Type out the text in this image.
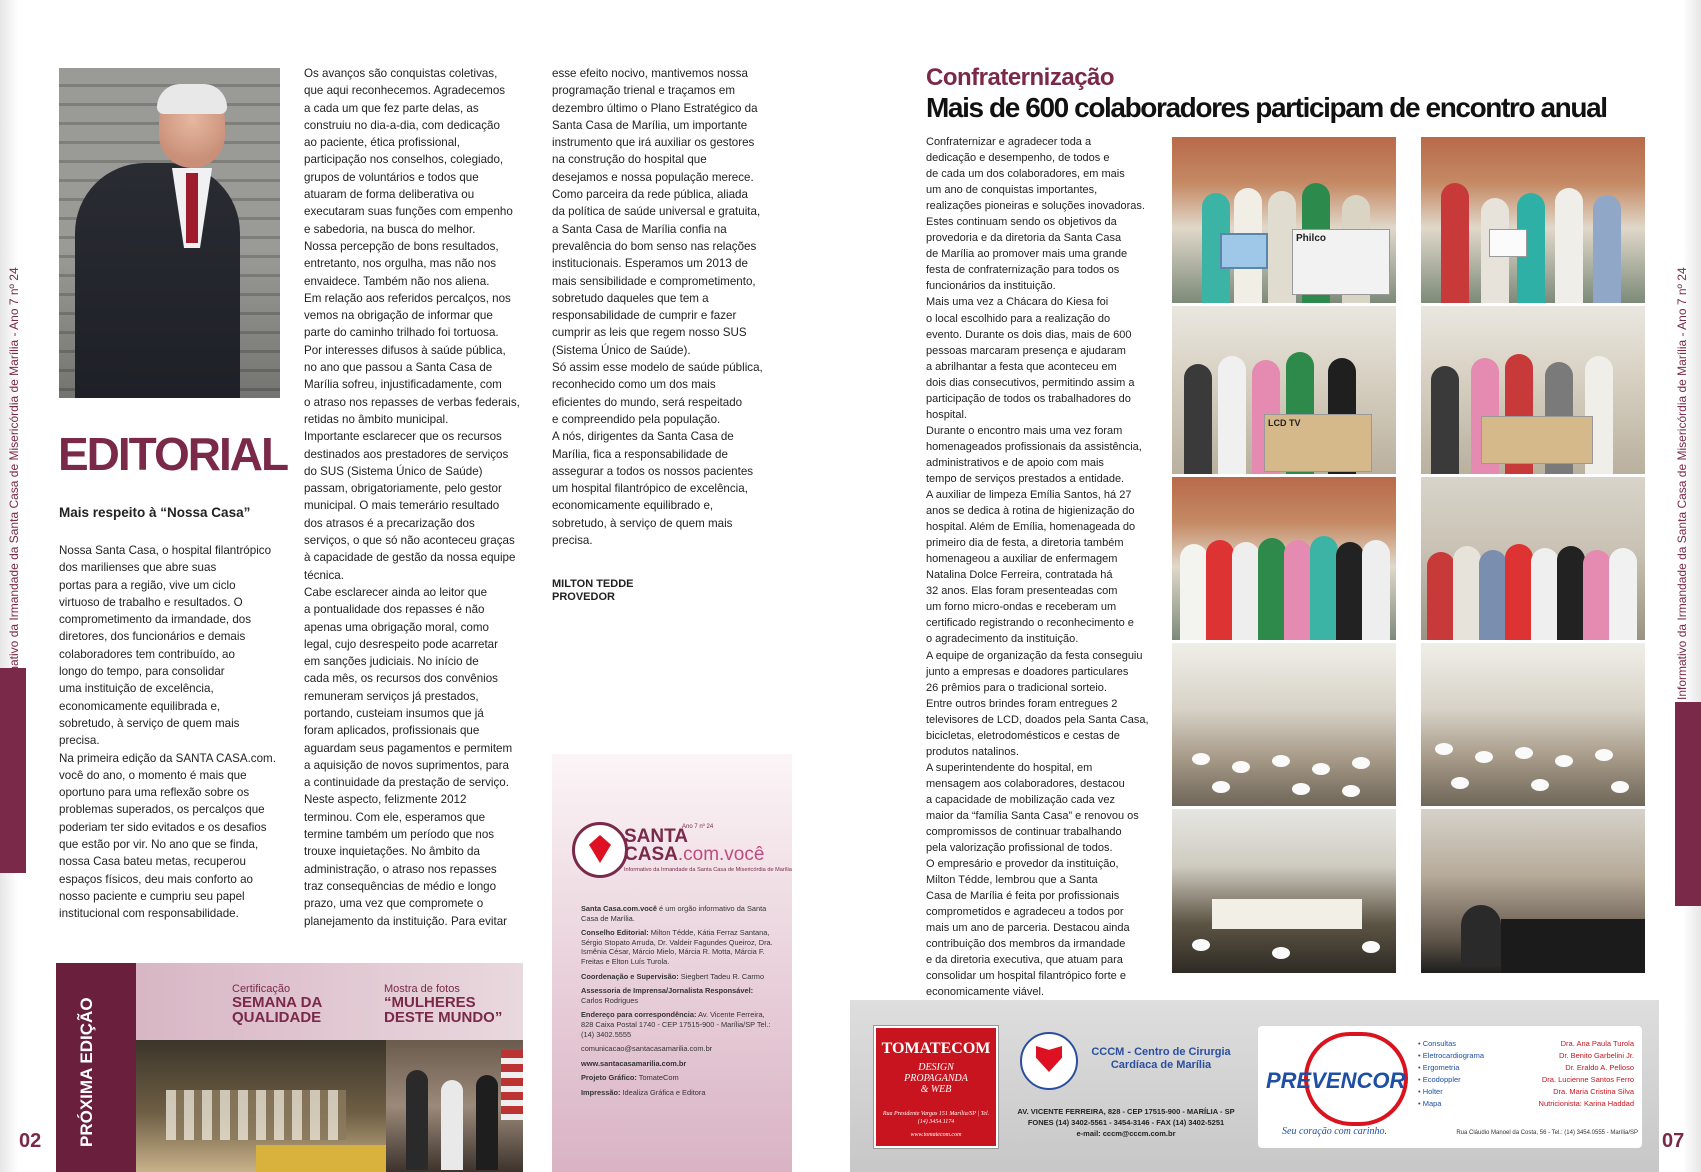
Informativo da Irmandade da Santa Casa de Misericórdia de Marília - Ano 7 nº 24
02
Informativo da Irmandade da Santa Casa de Misericórdia de Marília - Ano 7 nº 24
07
EDITORIAL
Mais respeito à “Nossa Casa”
Nossa Santa Casa, o hospital filantrópico
dos marilienses que abre suas
portas para a região, vive um ciclo
virtuoso de trabalho e resultados. O
comprometimento da irmandade, dos
diretores, dos funcionários e demais
colaboradores tem contribuído, ao
longo do tempo, para consolidar
uma instituição de excelência,
economicamente equilibrada e,
sobretudo, à serviço de quem mais
precisa.
Na primeira edição da SANTA CASA.com.
você do ano, o momento é mais que
oportuno para uma reflexão sobre os
problemas superados, os percalços que
poderiam ter sido evitados e os desafios
que estão por vir. No ano que se finda,
nossa Casa bateu metas, recuperou
espaços físicos, deu mais conforto ao
nosso paciente e cumpriu seu papel
institucional com responsabilidade.
Os avanços são conquistas coletivas,
que aqui reconhecemos. Agradecemos
a cada um que fez parte delas, as
construiu no dia-a-dia, com dedicação
ao paciente, ética profissional,
participação nos conselhos, colegiado,
grupos de voluntários e todos que
atuaram de forma deliberativa ou
executaram suas funções com empenho
e sabedoria, na busca do melhor.
Nossa percepção de bons resultados,
entretanto, nos orgulha, mas não nos
envaidece. Também não nos aliena.
Em relação aos referidos percalços, nos
vemos na obrigação de informar que
parte do caminho trilhado foi tortuosa.
Por interesses difusos à saúde pública,
no ano que passou a Santa Casa de
Marília sofreu, injustificadamente, com
o atraso nos repasses de verbas federais,
retidas no âmbito municipal.
Importante esclarecer que os recursos
destinados aos prestadores de serviços
do SUS (Sistema Único de Saúde)
passam, obrigatoriamente, pelo gestor
municipal. O mais temerário resultado
dos atrasos é a precarização dos
serviços, o que só não aconteceu graças
à capacidade de gestão da nossa equipe
técnica.
Cabe esclarecer ainda ao leitor que
a pontualidade dos repasses é não
apenas uma obrigação moral, como
legal, cujo desrespeito pode acarretar
em sanções judiciais. No início de
cada mês, os recursos dos convênios
remuneram serviços já prestados,
portando, custeiam insumos que já
foram aplicados, profissionais que
aguardam seus pagamentos e permitem
a aquisição de novos suprimentos, para
a continuidade da prestação de serviço.
Neste aspecto, felizmente 2012
terminou. Com ele, esperamos que
termine também um período que nos
trouxe inquietações. No âmbito da
administração, o atraso nos repasses
traz consequências de médio e longo
prazo, uma vez que compromete o
planejamento da instituição. Para evitar
esse efeito nocivo, mantivemos nossa
programação trienal e traçamos em
dezembro último o Plano Estratégico da
Santa Casa de Marília, um importante
instrumento que irá auxiliar os gestores
na construção do hospital que
desejamos e nossa população merece.
Como parceira da rede pública, aliada
da política de saúde universal e gratuita,
a Santa Casa de Marília confia na
prevalência do bom senso nas relações
institucionais. Esperamos um 2013 de
mais sensibilidade e comprometimento,
sobretudo daqueles que tem a
responsabilidade de cumprir e fazer
cumprir as leis que regem nosso SUS
(Sistema Único de Saúde).
Só assim esse modelo de saúde pública,
reconhecido como um dos mais
eficientes do mundo, será respeitado
e compreendido pela população.
A nós, dirigentes da Santa Casa de
Marília, fica a responsabilidade de
assegurar a todos os nossos pacientes
um hospital filantrópico de excelência,
economicamente equilibrado e,
sobretudo, à serviço de quem mais
precisa.
MILTON TEDDE
PROVEDOR
PRÓXIMA EDIÇÃO
Certificação
SEMANA DA
QUALIDADE
Mostra de fotos
“MULHERES
DESTE MUNDO”
SANTA
CASA.com.você
Ano 7 nº 24
Informativo da Irmandade da Santa Casa de Misericórdia de Marília
Santa Casa.com.você é um orgão informativo da Santa Casa de Marília.
Conselho Editorial: Milton Tédde, Kátia Ferraz Santana, Sérgio Stopato Arruda, Dr. Valdeir Fagundes Queiroz, Dra. Ismênia César, Márcio Mielo, Márcia R. Motta, Márcia F. Freitas e Elton Luís Turola.
Coordenação e Supervisão: Siegbert Tadeu R. Carmo
Assessoria de Imprensa/Jornalista Responsável: Carlos Rodrigues
Endereço para correspondência: Av. Vicente Ferreira, 828 Caixa Postal 1740 - CEP 17515-900 - Marília/SP Tel.: (14) 3402.5555
comunicacao@santacasamarilia.com.br
www.santacasamarilia.com.br
Projeto Gráfico: TomateCom
Impressão: Idealiza Gráfica e Editora
Confraternização
Mais de 600 colaboradores participam de encontro anual
Confraternizar e agradecer toda a
dedicação e desempenho, de todos e
de cada um dos colaboradores, em mais
um ano de conquistas importantes,
realizações pioneiras e soluções inovadoras.
Estes continuam sendo os objetivos da
provedoria e da diretoria da Santa Casa
de Marília ao promover mais uma grande
festa de confraternização para todos os
funcionários da instituição.
Mais uma vez a Chácara do Kiesa foi
o local escolhido para a realização do
evento. Durante os dois dias, mais de 600
pessoas marcaram presença e ajudaram
a abrilhantar a festa que aconteceu em
dois dias consecutivos, permitindo assim a
participação de todos os trabalhadores do
hospital.
Durante o encontro mais uma vez foram
homenageados profissionais da assistência,
administrativos e de apoio com mais
tempo de serviços prestados a entidade.
A auxiliar de limpeza Emília Santos, há 27
anos se dedica à rotina de higienização do
hospital. Além de Emília, homenageada do
primeiro dia de festa, a diretoria também
homenageou a auxiliar de enfermagem
Natalina Dolce Ferreira, contratada há
32 anos. Elas foram presenteadas com
um forno micro-ondas e receberam um
certificado registrando o reconhecimento e
o agradecimento da instituição.
A equipe de organização da festa conseguiu
junto a empresas e doadores particulares
26 prêmios para o tradicional sorteio.
Entre outros brindes foram entregues 2
televisores de LCD, doados pela Santa Casa,
bicicletas, eletrodomésticos e cestas de
produtos natalinos.
A superintendente do hospital, em
mensagem aos colaboradores, destacou
a capacidade de mobilização cada vez
maior da “família Santa Casa” e renovou os
compromissos de continuar trabalhando
pela valorização profissional de todos.
O empresário e provedor da instituição,
Milton Tédde, lembrou que a Santa
Casa de Marília é feita por profissionais
comprometidos e agradeceu a todos por
mais um ano de parceria. Destacou ainda
contribuição dos membros da irmandade
e da diretoria executiva, que atuam para
consolidar um hospital filantrópico forte e
economicamente viável.
Philco
LCD TV
TOMATECOM
DESIGN
PROPAGANDA
& WEB
Rua Presidente Vargas 151 Marília/SP | Tel. (14) 3454.1174
www.tomatecom.com
CCCM - Centro de Cirurgia
Cardíaca de Marília
AV. VICENTE FERREIRA, 828 - CEP 17515-900 - MARÍLIA - SP
FONES (14) 3402-5561 - 3454-3146 - FAX (14) 3402-5251
e-mail: cccm@cccm.com.br
PREVENCOR
Seu coração com carinho.
• Consultas
• Eletrocardiograma
• Ergometria
• Ecodoppler
• Holter
• Mapa
Dra. Ana Paula Turola
Dr. Benito Garbelini Jr.
Dr. Eraldo A. Pelloso
Dra. Lucienne Santos Ferro
Dra. Maria Cristina Silva
Nutricionista: Karina Haddad
Rua Cláudio Manoel da Costa, 56 - Tel.: (14) 3454.0555 - Marília/SP
